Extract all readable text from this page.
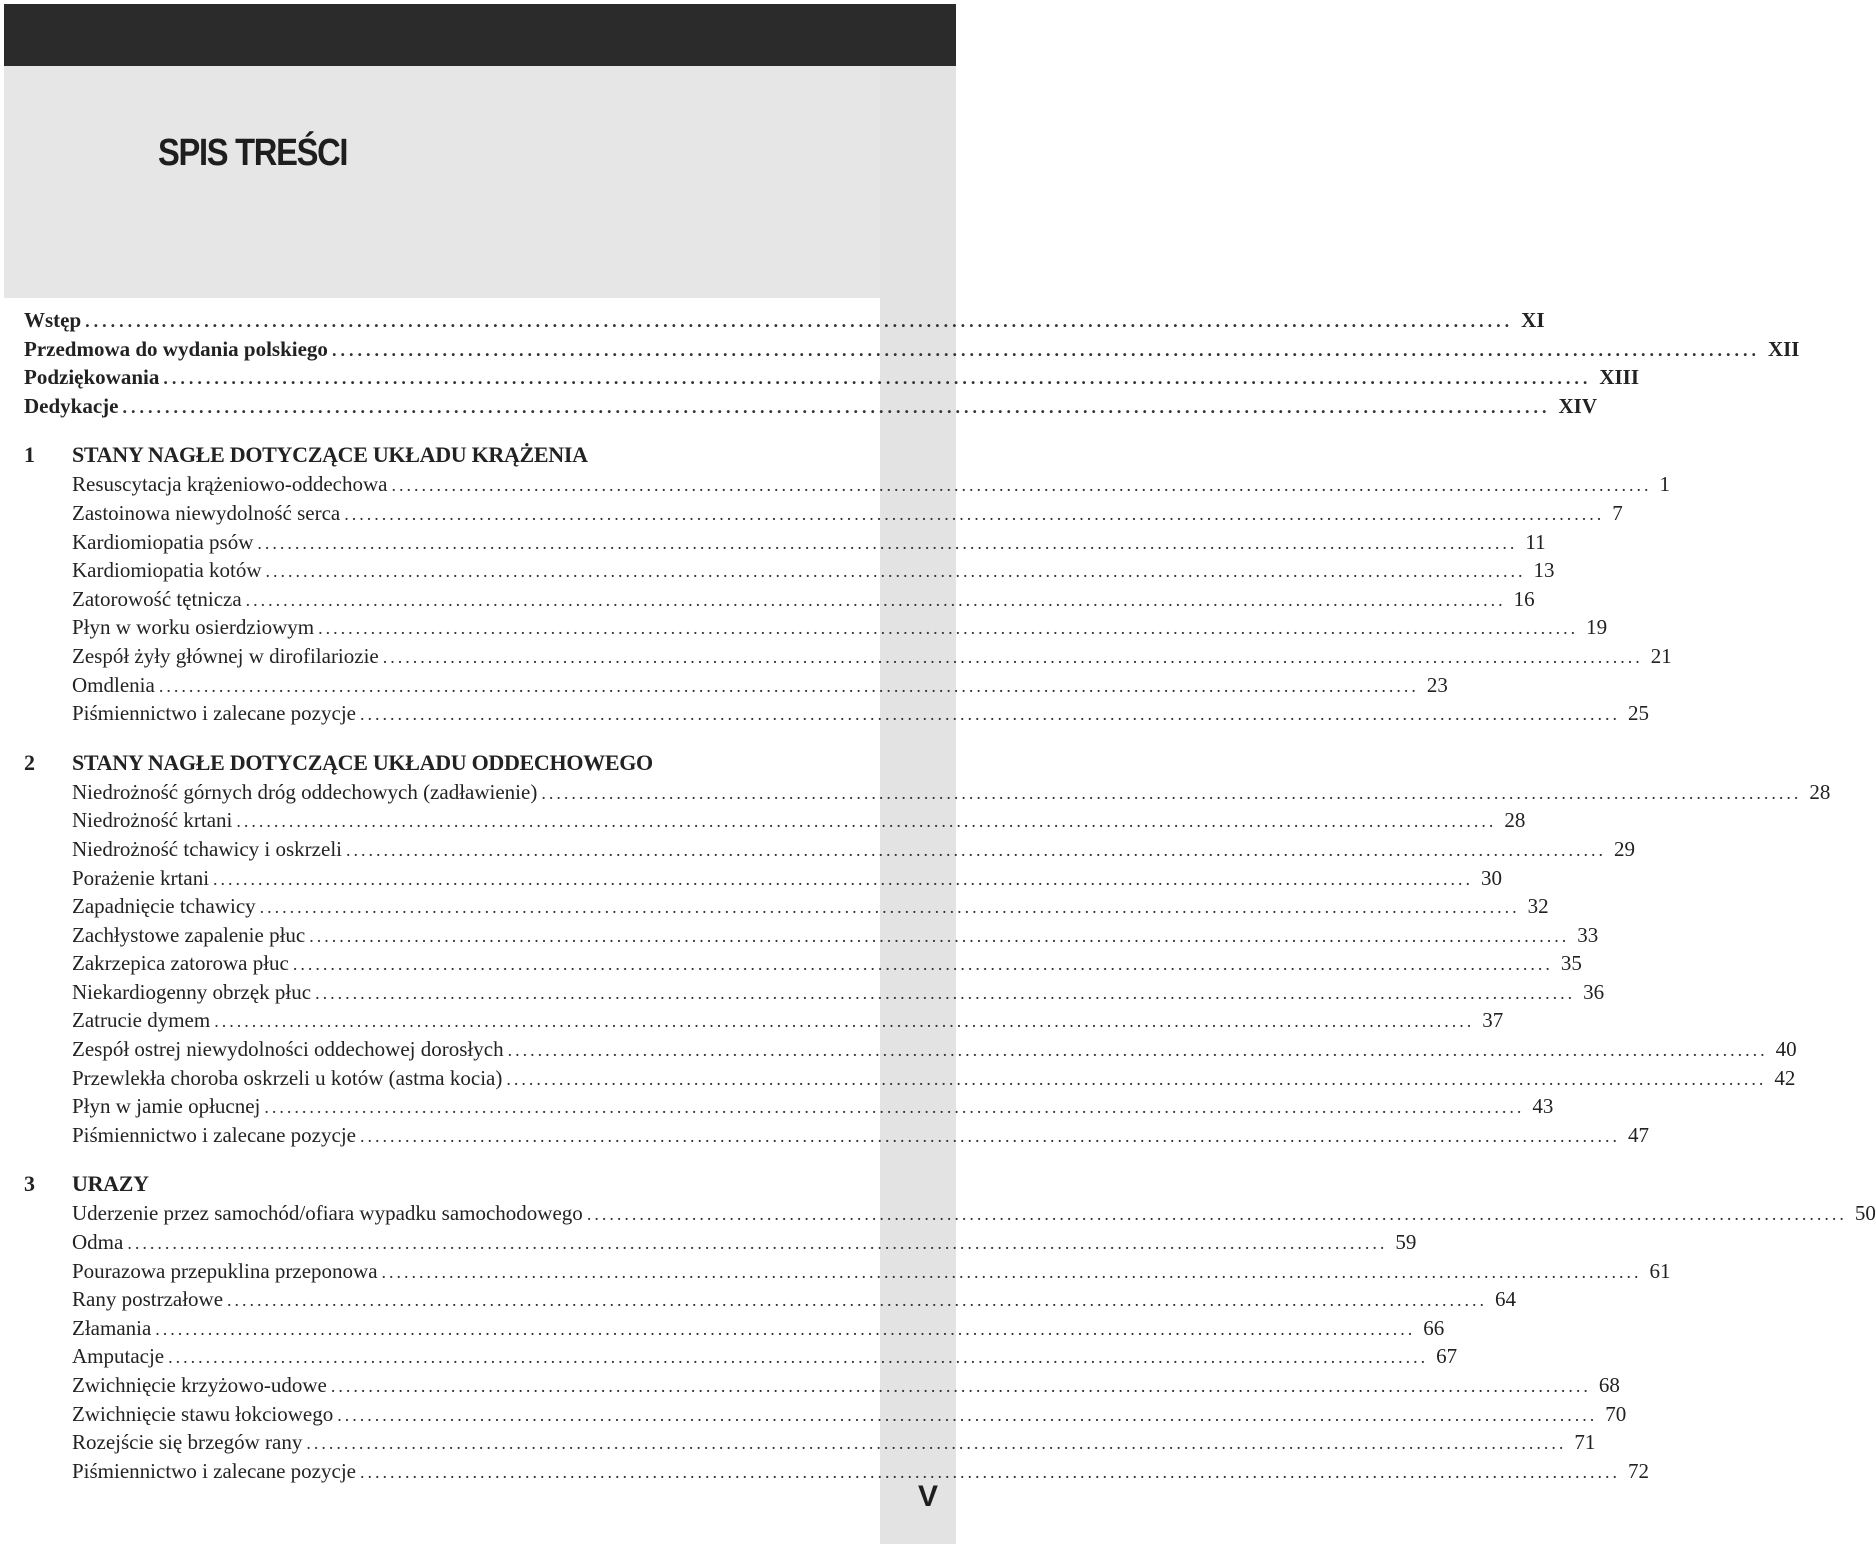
SPIS TREŚCI
V
Wstęp ........................................................................................................................................................................ XI
Przedmowa do wydania polskiego ........................................................................................................................................................................ XII
Podziękowania ........................................................................................................................................................................ XIII
Dedykacje ........................................................................................................................................................................ XIV
1	STANY NAGŁE DOTYCZĄCE UKŁADU KRĄŻENIA
Resuscytacja krążeniowo-oddechowa ........................................................................................................................................................................ 1
Zastoinowa niewydolność serca ........................................................................................................................................................................ 7
Kardiomiopatia psów ........................................................................................................................................................................ 11
Kardiomiopatia kotów ........................................................................................................................................................................ 13
Zatorowość tętnicza ........................................................................................................................................................................ 16
Płyn w worku osierdziowym ........................................................................................................................................................................ 19
Zespół żyły głównej w dirofilariozie ........................................................................................................................................................................ 21
Omdlenia ........................................................................................................................................................................ 23
Piśmiennictwo i zalecane pozycje ........................................................................................................................................................................ 25
2	STANY NAGŁE DOTYCZĄCE UKŁADU ODDECHOWEGO
Niedrożność górnych dróg oddechowych (zadławienie) ........................................................................................................................................................................ 28
Niedrożność krtani ........................................................................................................................................................................ 28
Niedrożność tchawicy i oskrzeli ........................................................................................................................................................................ 29
Porażenie krtani ........................................................................................................................................................................ 30
Zapadnięcie tchawicy ........................................................................................................................................................................ 32
Zachłystowe zapalenie płuc ........................................................................................................................................................................ 33
Zakrzepica zatorowa płuc ........................................................................................................................................................................ 35
Niekardiogenny obrzęk płuc ........................................................................................................................................................................ 36
Zatrucie dymem ........................................................................................................................................................................ 37
Zespół ostrej niewydolności oddechowej dorosłych ........................................................................................................................................................................ 40
Przewlekła choroba oskrzeli u kotów (astma kocia) ........................................................................................................................................................................ 42
Płyn w jamie opłucnej ........................................................................................................................................................................ 43
Piśmiennictwo i zalecane pozycje ........................................................................................................................................................................ 47
3	URAZY
Uderzenie przez samochód/ofiara wypadku samochodowego ........................................................................................................................................................................ 50
Odma ........................................................................................................................................................................ 59
Pourazowa przepuklina przeponowa ........................................................................................................................................................................ 61
Rany postrzałowe ........................................................................................................................................................................ 64
Złamania ........................................................................................................................................................................ 66
Amputacje ........................................................................................................................................................................ 67
Zwichnięcie krzyżowo-udowe ........................................................................................................................................................................ 68
Zwichnięcie stawu łokciowego ........................................................................................................................................................................ 70
Rozejście się brzegów rany ........................................................................................................................................................................ 71
Piśmiennictwo i zalecane pozycje ........................................................................................................................................................................ 72
